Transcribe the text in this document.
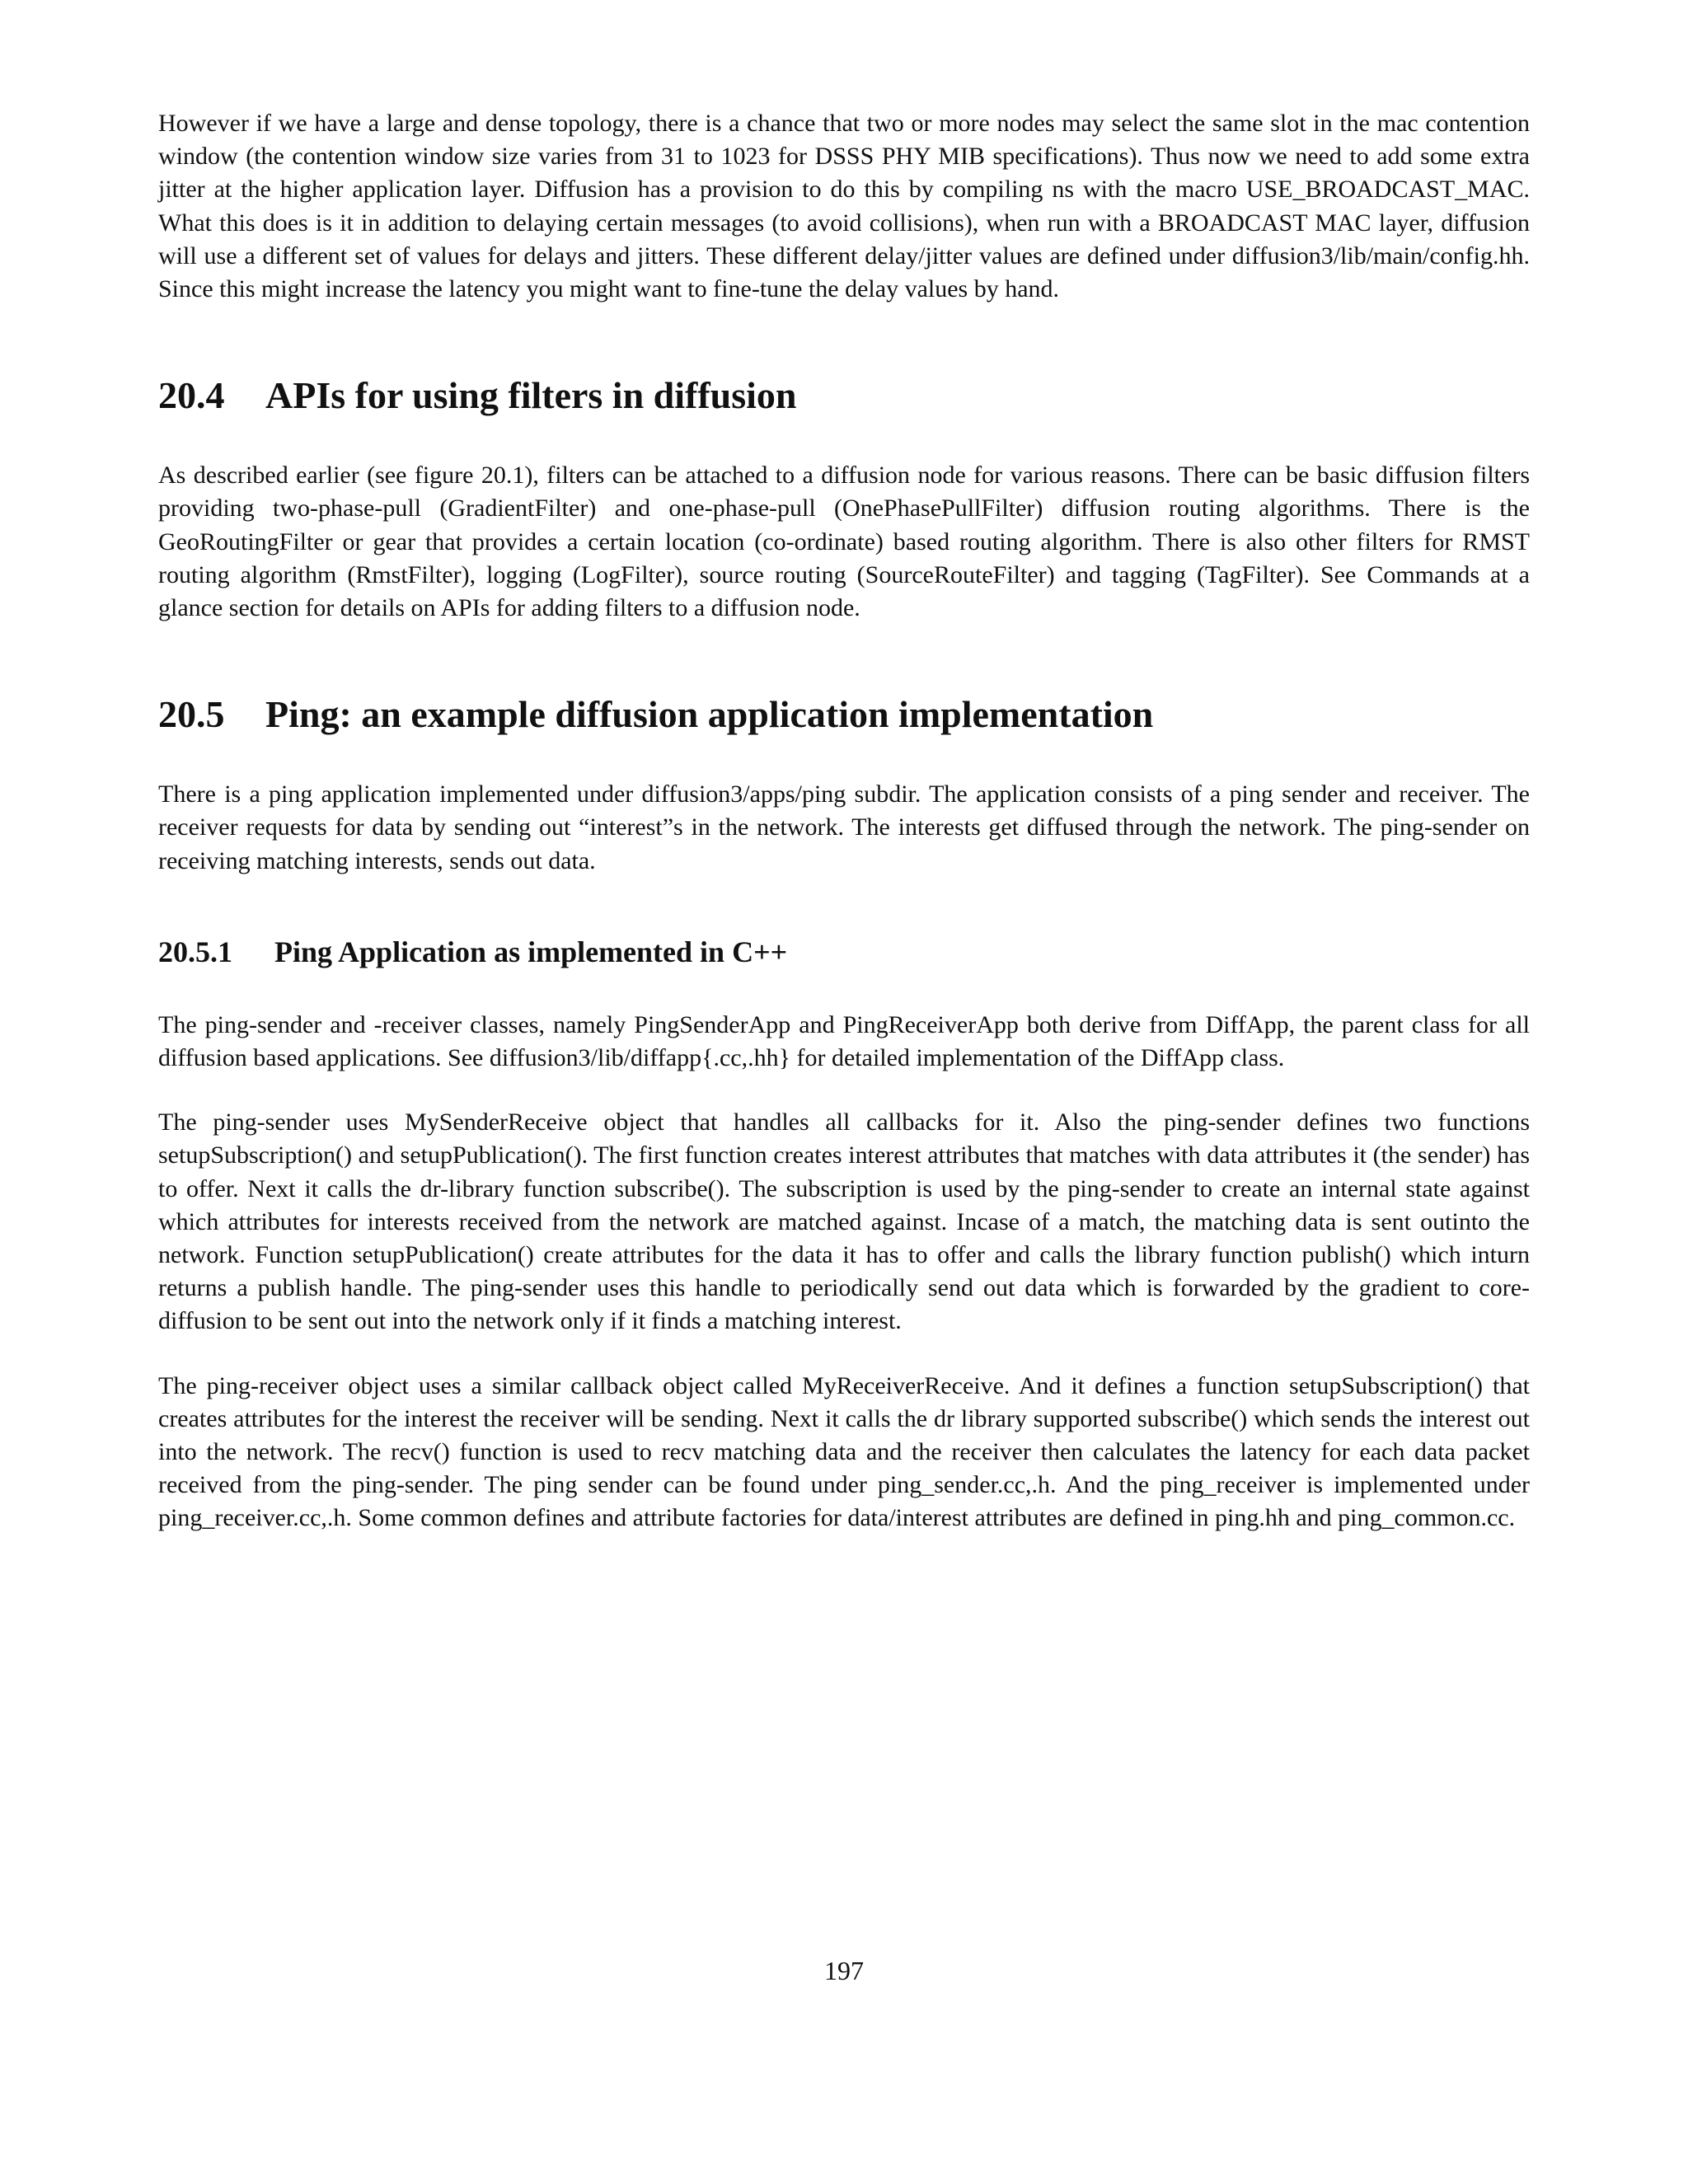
However if we have a large and dense topology, there is a chance that two or more nodes may select the same slot in the mac contention window (the contention window size varies from 31 to 1023 for DSSS PHY MIB specifications). Thus now we need to add some extra jitter at the higher application layer. Diffusion has a provision to do this by compiling ns with the macro USE_BROADCAST_MAC. What this does is it in addition to delaying certain messages (to avoid collisions), when run with a BROADCAST MAC layer, diffusion will use a different set of values for delays and jitters. These different delay/jitter values are defined under diffusion3/lib/main/config.hh. Since this might increase the latency you might want to fine-tune the delay values by hand.

20.4	APIs for using filters in diffusion

As described earlier (see figure 20.1), filters can be attached to a diffusion node for various reasons. There can be basic diffusion filters providing two-phase-pull (GradientFilter) and one-phase-pull (OnePhasePullFilter) diffusion routing algorithms. There is the GeoRoutingFilter or gear that provides a certain location (co-ordinate) based routing algorithm. There is also other filters for RMST routing algorithm (RmstFilter), logging (LogFilter), source routing (SourceRouteFilter) and tagging (TagFilter). See Commands at a glance section for details on APIs for adding filters to a diffusion node.

20.5	Ping: an example diffusion application implementation

There is a ping application implemented under diffusion3/apps/ping subdir. The application consists of a ping sender and receiver. The receiver requests for data by sending out “interest”s in the network. The interests get diffused through the network. The ping-sender on receiving matching interests, sends out data.

20.5.1	Ping Application as implemented in C++

The ping-sender and -receiver classes, namely PingSenderApp and PingReceiverApp both derive from DiffApp, the parent class for all diffusion based applications. See diffusion3/lib/diffapp{.cc,.hh} for detailed implementation of the DiffApp class.

The ping-sender uses MySenderReceive object that handles all callbacks for it. Also the ping-sender defines two functions setupSubscription() and setupPublication(). The first function creates interest attributes that matches with data attributes it (the sender) has to offer. Next it calls the dr-library function subscribe(). The subscription is used by the ping-sender to create an internal state against which attributes for interests received from the network are matched against. Incase of a match, the matching data is sent outinto the network. Function setupPublication() create attributes for the data it has to offer and calls the library function publish() which inturn returns a publish handle. The ping-sender uses this handle to periodically send out data which is forwarded by the gradient to core-diffusion to be sent out into the network only if it finds a matching interest.

The ping-receiver object uses a similar callback object called MyReceiverReceive. And it defines a function setupSubscription() that creates attributes for the interest the receiver will be sending. Next it calls the dr library supported subscribe() which sends the interest out into the network. The recv() function is used to recv matching data and the receiver then calculates the latency for each data packet received from the ping-sender. The ping sender can be found under ping_sender.cc,.h. And the ping_receiver is implemented under ping_receiver.cc,.h. Some common defines and attribute factories for data/interest attributes are defined in ping.hh and ping_common.cc.

197
